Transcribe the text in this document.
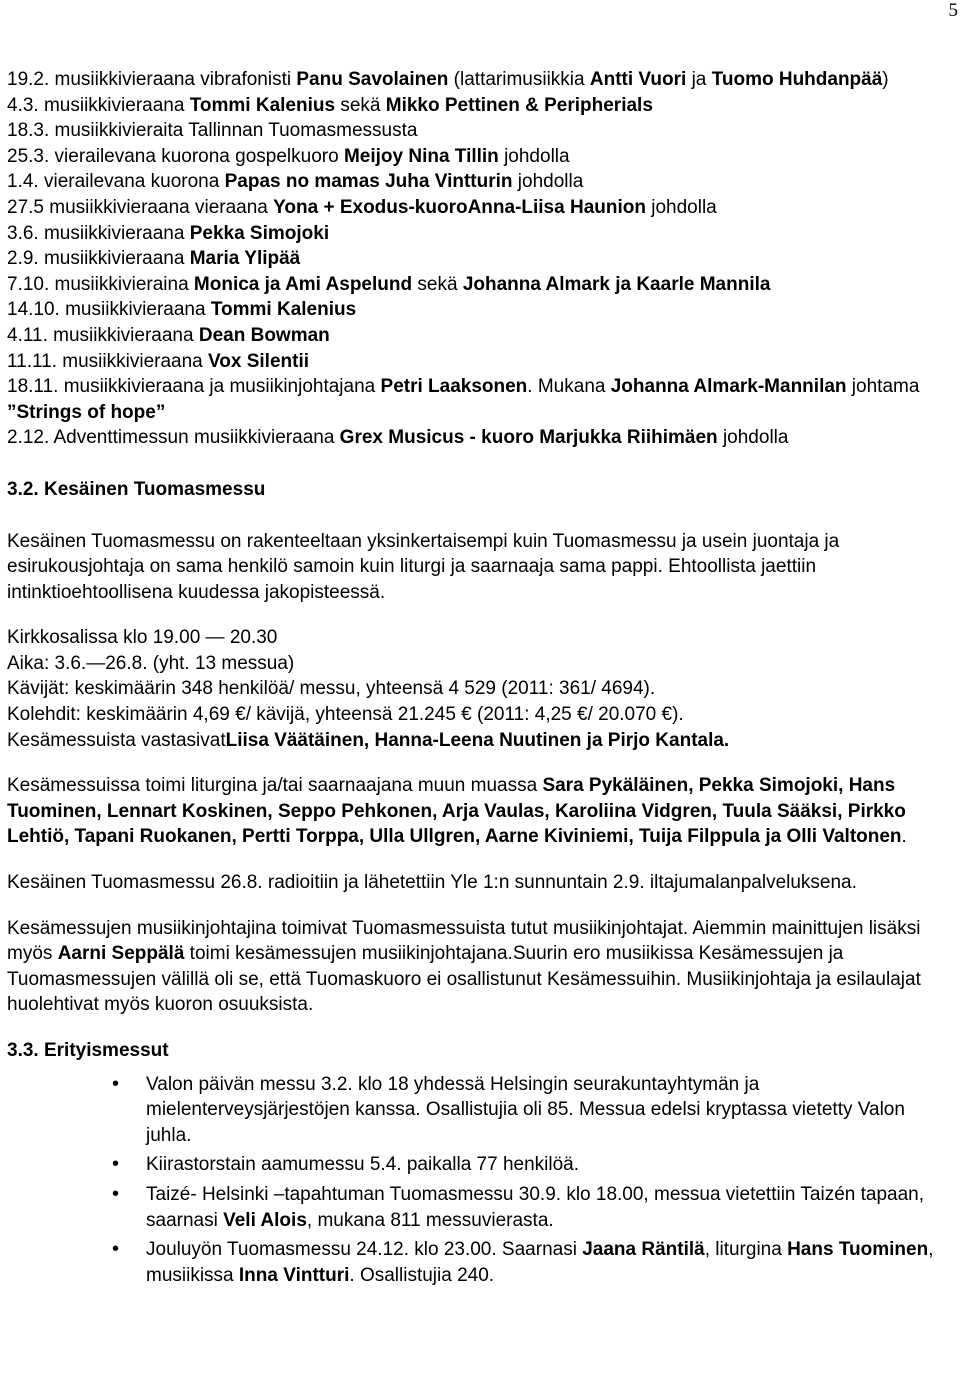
5

19.2. musiikkivieraana vibrafonisti Panu Savolainen (lattarimusiikkia Antti Vuori ja Tuomo Huhdanpää)

4.3. musiikkivieraana Tommi Kalenius sekä Mikko Pettinen & Peripherials

18.3. musiikkivieraita Tallinnan Tuomasmessusta

25.3. vierailevana kuorona gospelkuoro Meijoy Nina Tillin johdolla

1.4. vierailevana kuorona Papas no mamas Juha Vintturin johdolla

27.5 musiikkivieraana vieraana Yona + Exodus-kuoroAnna-Liisa Haunion johdolla

3.6. musiikkivieraana Pekka Simojoki

2.9. musiikkivieraana Maria Ylipää

7.10. musiikkivieraina Monica ja Ami Aspelund sekä Johanna Almark ja Kaarle Mannila

14.10. musiikkivieraana Tommi Kalenius

4.11. musiikkivieraana Dean Bowman

11.11. musiikkivieraana Vox Silentii

18.11. musiikkivieraana ja musiikinjohtajana Petri Laaksonen. Mukana Johanna Almark-Mannilan johtama ”Strings of hope”

2.12. Adventtimessun musiikkivieraana Grex Musicus - kuoro Marjukka Riihimäen johdolla

3.2. Kesäinen Tuomasmessu

Kesäinen Tuomasmessu on rakenteeltaan yksinkertaisempi kuin Tuomasmessu ja usein juontaja ja esirukousjohtaja on sama henkilö samoin kuin liturgi ja saarnaaja sama pappi. Ehtoollista jaettiin intinktioehtoollisena kuudessa jakopisteessä.

Kirkkosalissa klo 19.00 — 20.30

Aika: 3.6.—26.8. (yht. 13 messua)

Kävijät: keskimäärin 348 henkilöä/ messu, yhteensä 4 529 (2011: 361/ 4694).

Kolehdit: keskimäärin 4,69 €/ kävijä, yhteensä 21.245 € (2011: 4,25 €/ 20.070 €).

Kesämessuista vastasivatLiisa Väätäinen, Hanna-Leena Nuutinen ja Pirjo Kantala.

Kesämessuissa toimi liturgina ja/tai saarnaajana muun muassa Sara Pykäläinen, Pekka Simojoki, Hans Tuominen, Lennart Koskinen, Seppo Pehkonen, Arja Vaulas, Karoliina Vidgren, Tuula Sääksi, Pirkko Lehtiö, Tapani Ruokanen, Pertti Torppa, Ulla Ullgren, Aarne Kiviniemi, Tuija Filppula ja Olli Valtonen.

Kesäinen Tuomasmessu 26.8. radioitiin ja lähetettiin Yle 1:n sunnuntain 2.9. iltajumalanpalveluksena.

Kesämessujen musiikinjohtajina toimivat Tuomasmessuista tutut musiikinjohtajat. Aiemmin mainittujen lisäksi myös Aarni Seppälä toimi kesämessujen musiikinjohtajana.Suurin ero musiikissa Kesämessujen ja Tuomasmessujen välillä oli se, että Tuomaskuoro ei osallistunut Kesämessuihin. Musiikinjohtaja ja esilaulajat huolehtivat myös kuoron osuuksista.

3.3. Erityismessut

• Valon päivän messu 3.2. klo 18 yhdessä Helsingin seurakuntayhtymän ja mielenterveysjärjestöjen kanssa. Osallistujia oli 85. Messua edelsi kryptassa vietetty Valon juhla.
• Kiirastorstain aamumessu 5.4. paikalla 77 henkilöä.
• Taizé- Helsinki –tapahtuman Tuomasmessu 30.9. klo 18.00, messua vietettiin Taizén tapaan, saarnasi Veli Alois, mukana 811 messuvierasta.
• Jouluyön Tuomasmessu 24.12. klo 23.00. Saarnasi Jaana Räntilä, liturgina Hans Tuominen, musiikissa Inna Vintturi. Osallistujia 240.
